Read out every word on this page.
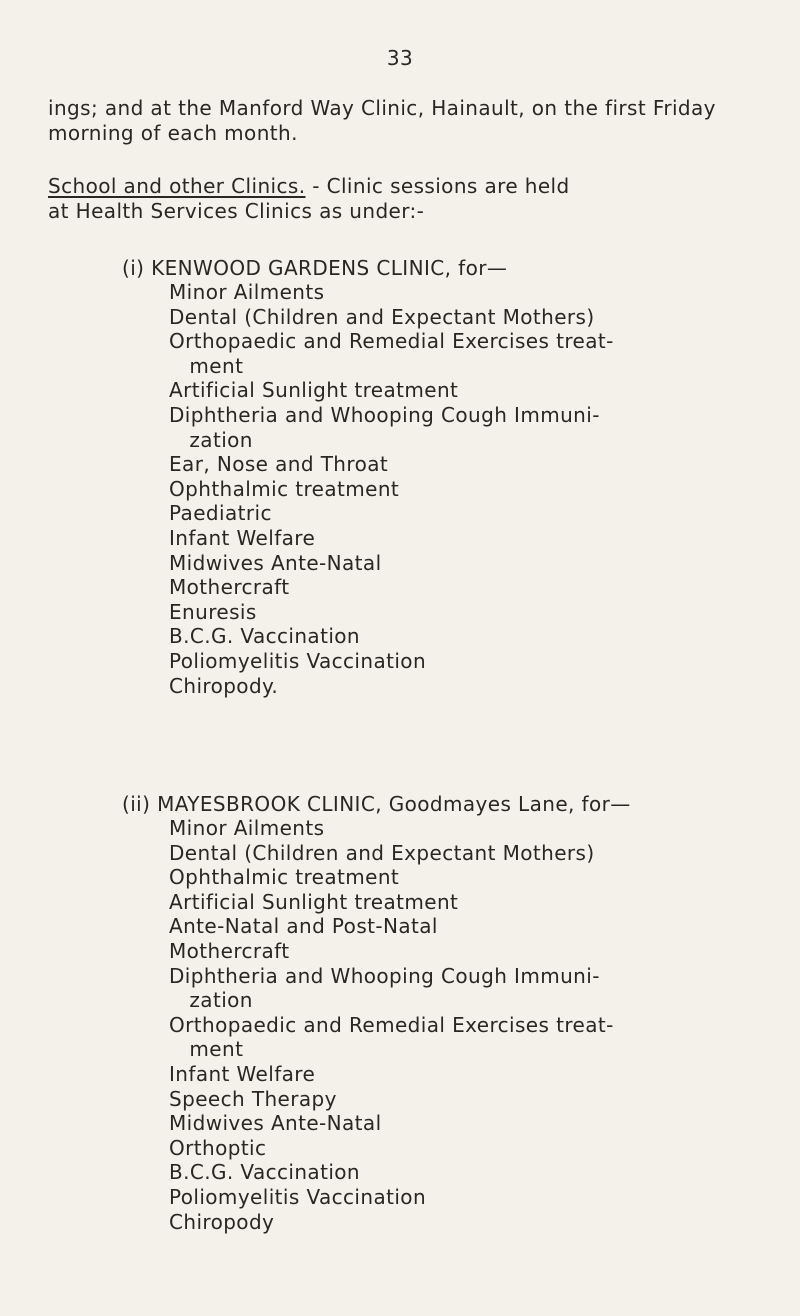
33
ings; and at the Manford Way Clinic, Hainault, on the first Friday morning of each month.
School and other Clinics. - Clinic sessions are held
at Health Services Clinics as under:-
(i) KENWOOD GARDENS CLINIC, for—
Minor Ailments
Dental (Children and Expectant Mothers)
Orthopaedic and Remedial Exercises treat-
 ment
Artificial Sunlight treatment
Diphtheria and Whooping Cough Immuni-
 zation
Ear, Nose and Throat
Ophthalmic treatment
Paediatric
Infant Welfare
Midwives Ante-Natal
Mothercraft
Enuresis
B.C.G. Vaccination
Poliomyelitis Vaccination
Chiropody.
(ii) MAYESBROOK CLINIC, Goodmayes Lane, for—
Minor Ailments
Dental (Children and Expectant Mothers)
Ophthalmic treatment
Artificial Sunlight treatment
Ante-Natal and Post-Natal
Mothercraft
Diphtheria and Whooping Cough Immuni-
 zation
Orthopaedic and Remedial Exercises treat-
 ment
Infant Welfare
Speech Therapy
Midwives Ante-Natal
Orthoptic
B.C.G. Vaccination
Poliomyelitis Vaccination
Chiropody
